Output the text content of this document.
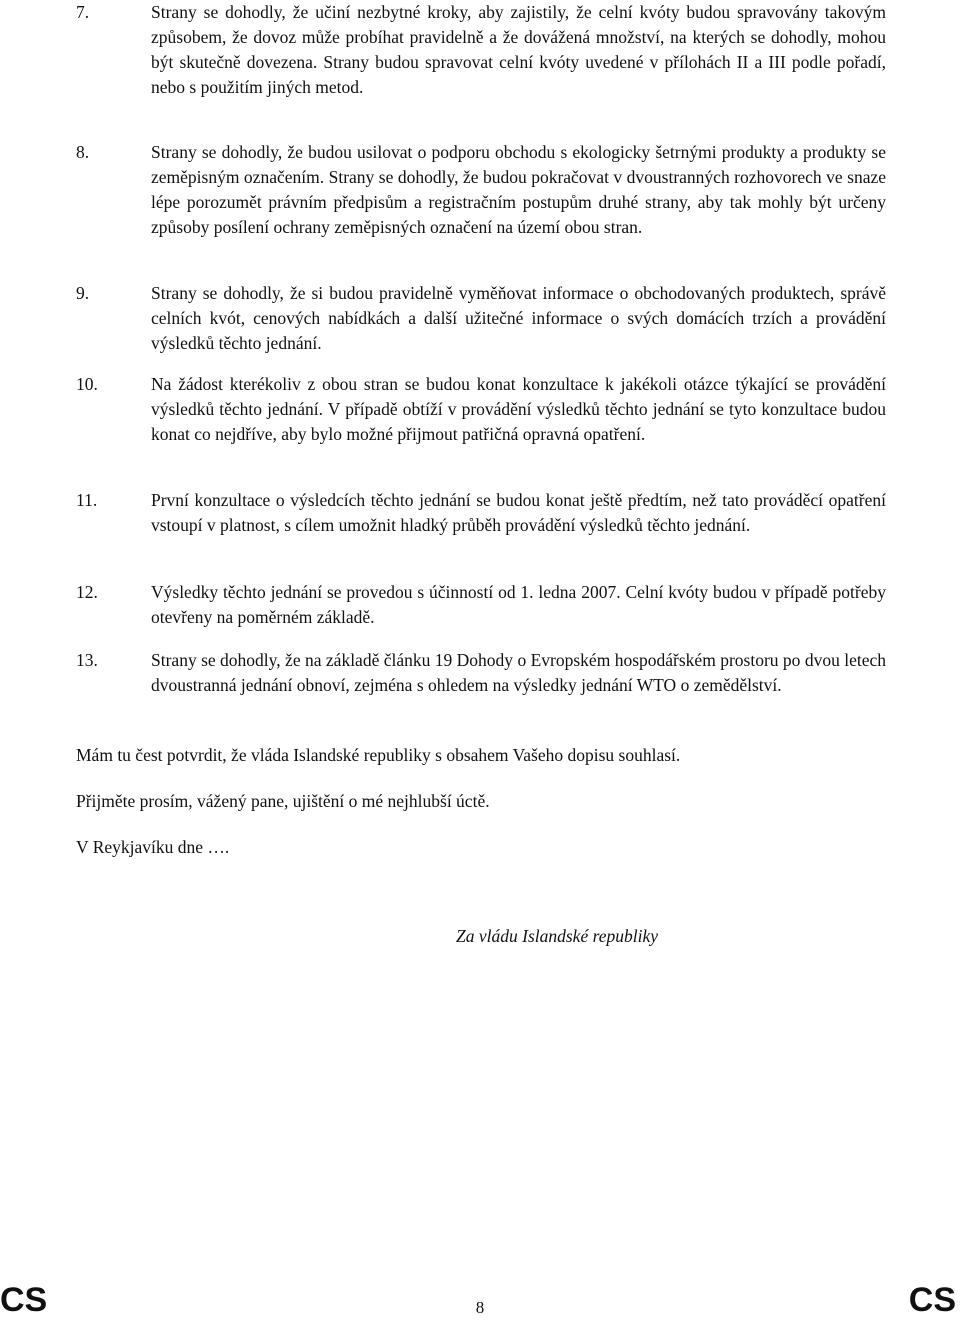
7.	Strany se dohodly, že učiní nezbytné kroky, aby zajistily, že celní kvóty budou spravovány takovým způsobem, že dovoz může probíhat pravidelně a že dovážená množství, na kterých se dohodly, mohou být skutečně dovezena. Strany budou spravovat celní kvóty uvedené v přílohách II a III podle pořadí, nebo s použitím jiných metod.
8.	Strany se dohodly, že budou usilovat o podporu obchodu s ekologicky šetrnými produkty a produkty se zeměpisným označením. Strany se dohodly, že budou pokračovat v dvoustranných rozhovorech ve snaze lépe porozumět právním předpisům a registračním postupům druhé strany, aby tak mohly být určeny způsoby posílení ochrany zeměpisných označení na území obou stran.
9.	Strany se dohodly, že si budou pravidelně vyměňovat informace o obchodovaných produktech, správě celních kvót, cenových nabídkách a další užitečné informace o svých domácích trzích a provádění výsledků těchto jednání.
10.	Na žádost kterékoliv z obou stran se budou konat konzultace k jakékoli otázce týkající se provádění výsledků těchto jednání. V případě obtíží v provádění výsledků těchto jednání se tyto konzultace budou konat co nejdříve, aby bylo možné přijmout patřičná opravná opatření.
11.	První konzultace o výsledcích těchto jednání se budou konat ještě předtím, než tato prováděcí opatření vstoupí v platnost, s cílem umožnit hladký průběh provádění výsledků těchto jednání.
12.	Výsledky těchto jednání se provedou s účinností od 1. ledna 2007. Celní kvóty budou v případě potřeby otevřeny na poměrném základě.
13.	Strany se dohodly, že na základě článku 19 Dohody o Evropském hospodářském prostoru po dvou letech dvoustranná jednání obnoví, zejména s ohledem na výsledky jednání WTO o zemědělství.
Mám tu čest potvrdit, že vláda Islandské republiky s obsahem Vašeho dopisu souhlasí.
Přijměte prosím, vážený pane, ujištění o mé nejhlubší úctě.
V Reykjavíku dne ….
Za vládu Islandské republiky
CS	8	CS
